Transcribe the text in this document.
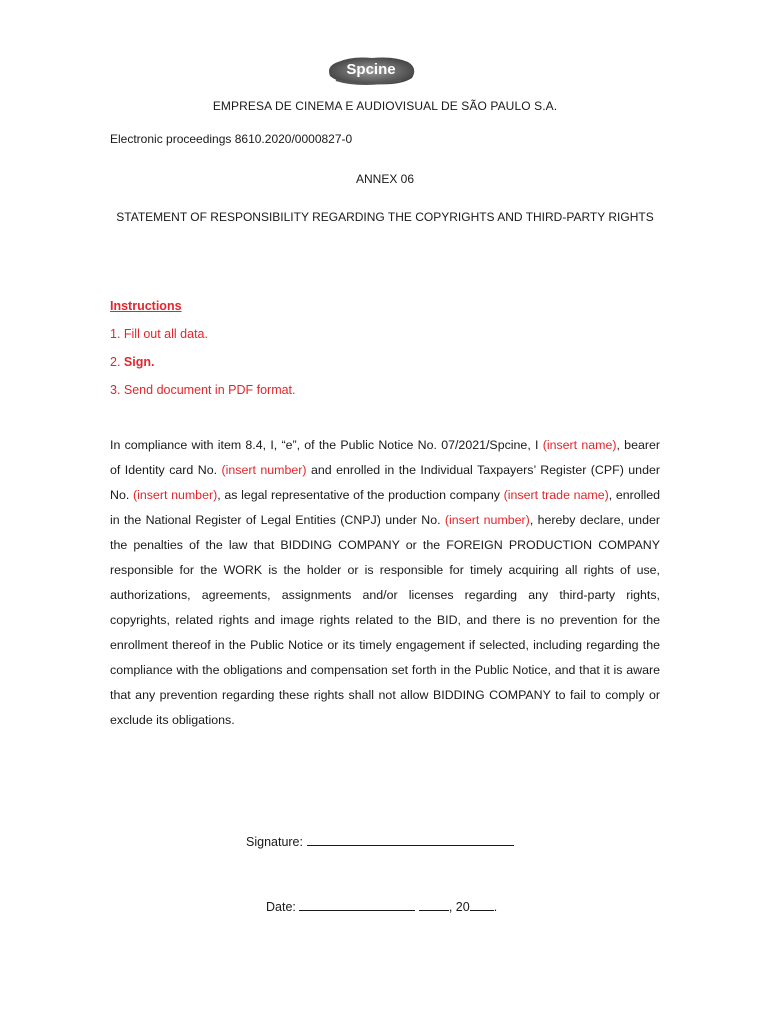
Spcine
EMPRESA DE CINEMA E AUDIOVISUAL DE SÃO PAULO S.A.
Electronic proceedings 8610.2020/0000827-0
ANNEX 06
STATEMENT OF RESPONSIBILITY REGARDING THE COPYRIGHTS AND THIRD-PARTY RIGHTS
Instructions
1. Fill out all data.
2. Sign.
3. Send document in PDF format.
In compliance with item 8.4, I, “e”, of the Public Notice No. 07/2021/Spcine, I (insert name), bearer of Identity card No. (insert number) and enrolled in the Individual Taxpayers’ Register (CPF) under No. (insert number), as legal representative of the production company (insert trade name), enrolled in the National Register of Legal Entities (CNPJ) under No. (insert number), hereby declare, under the penalties of the law that BIDDING COMPANY or the FOREIGN PRODUCTION COMPANY responsible for the WORK is the holder or is responsible for timely acquiring all rights of use, authorizations, agreements, assignments and/or licenses regarding any third-party rights, copyrights, related rights and image rights related to the BID, and there is no prevention for the enrollment thereof in the Public Notice or its timely engagement if selected, including regarding the compliance with the obligations and compensation set forth in the Public Notice, and that it is aware that any prevention regarding these rights shall not allow BIDDING COMPANY to fail to comply or exclude its obligations.
Signature:
Date:	, 20 .
